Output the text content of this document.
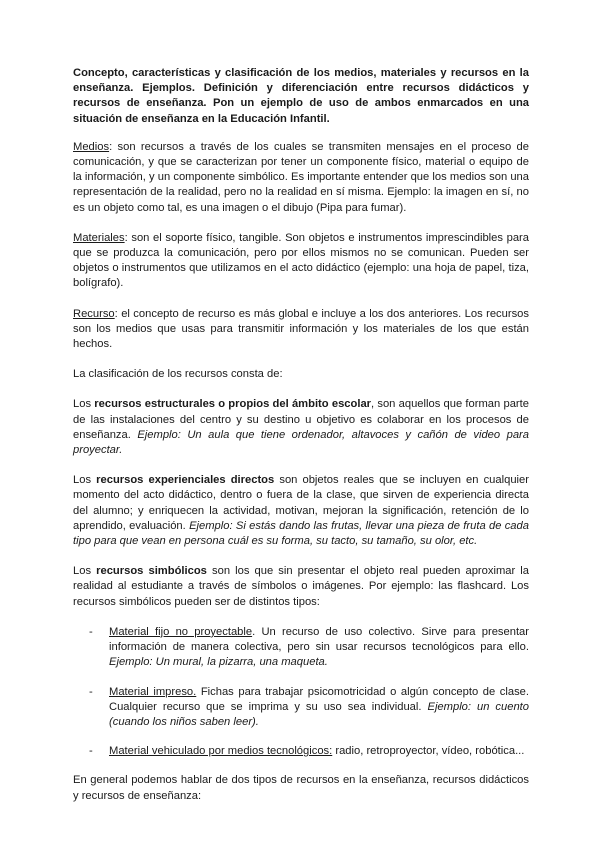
Concepto, características y clasificación de los medios, materiales y recursos en la enseñanza. Ejemplos. Definición y diferenciación entre recursos didácticos y recursos de enseñanza. Pon un ejemplo de uso de ambos enmarcados en una situación de enseñanza en la Educación Infantil.

Medios: son recursos a través de los cuales se transmiten mensajes en el proceso de comunicación, y que se caracterizan por tener un componente físico, material o equipo de la información, y un componente simbólico. Es importante entender que los medios son una representación de la realidad, pero no la realidad en sí misma. Ejemplo: la imagen en sí, no es un objeto como tal, es una imagen o el dibujo (Pipa para fumar).

Materiales: son el soporte físico, tangible. Son objetos e instrumentos imprescindibles para que se produzca la comunicación, pero por ellos mismos no se comunican. Pueden ser objetos o instrumentos que utilizamos en el acto didáctico (ejemplo: una hoja de papel, tiza, bolígrafo).

Recurso: el concepto de recurso es más global e incluye a los dos anteriores. Los recursos son los medios que usas para transmitir información y los materiales de los que están hechos.

La clasificación de los recursos consta de:

Los recursos estructurales o propios del ámbito escolar, son aquellos que forman parte de las instalaciones del centro y su destino u objetivo es colaborar en los procesos de enseñanza. Ejemplo: Un aula que tiene ordenador, altavoces y cañón de video para proyectar.

Los recursos experienciales directos son objetos reales que se incluyen en cualquier momento del acto didáctico, dentro o fuera de la clase, que sirven de experiencia directa del alumno; y enriquecen la actividad, motivan, mejoran la significación, retención de lo aprendido, evaluación. Ejemplo: Si estás dando las frutas, llevar una pieza de fruta de cada tipo para que vean en persona cuál es su forma, su tacto, su tamaño, su olor, etc.

Los recursos simbólicos son los que sin presentar el objeto real pueden aproximar la realidad al estudiante a través de símbolos o imágenes. Por ejemplo: las flashcard. Los recursos simbólicos pueden ser de distintos tipos:

- Material fijo no proyectable. Un recurso de uso colectivo. Sirve para presentar información de manera colectiva, pero sin usar recursos tecnológicos para ello. Ejemplo: Un mural, la pizarra, una maqueta.
- Material impreso. Fichas para trabajar psicomotricidad o algún concepto de clase. Cualquier recurso que se imprima y su uso sea individual. Ejemplo: un cuento (cuando los niños saben leer).
- Material vehiculado por medios tecnológicos: radio, retroproyector, vídeo, robótica...

En general podemos hablar de dos tipos de recursos en la enseñanza, recursos didácticos y recursos de enseñanza:
